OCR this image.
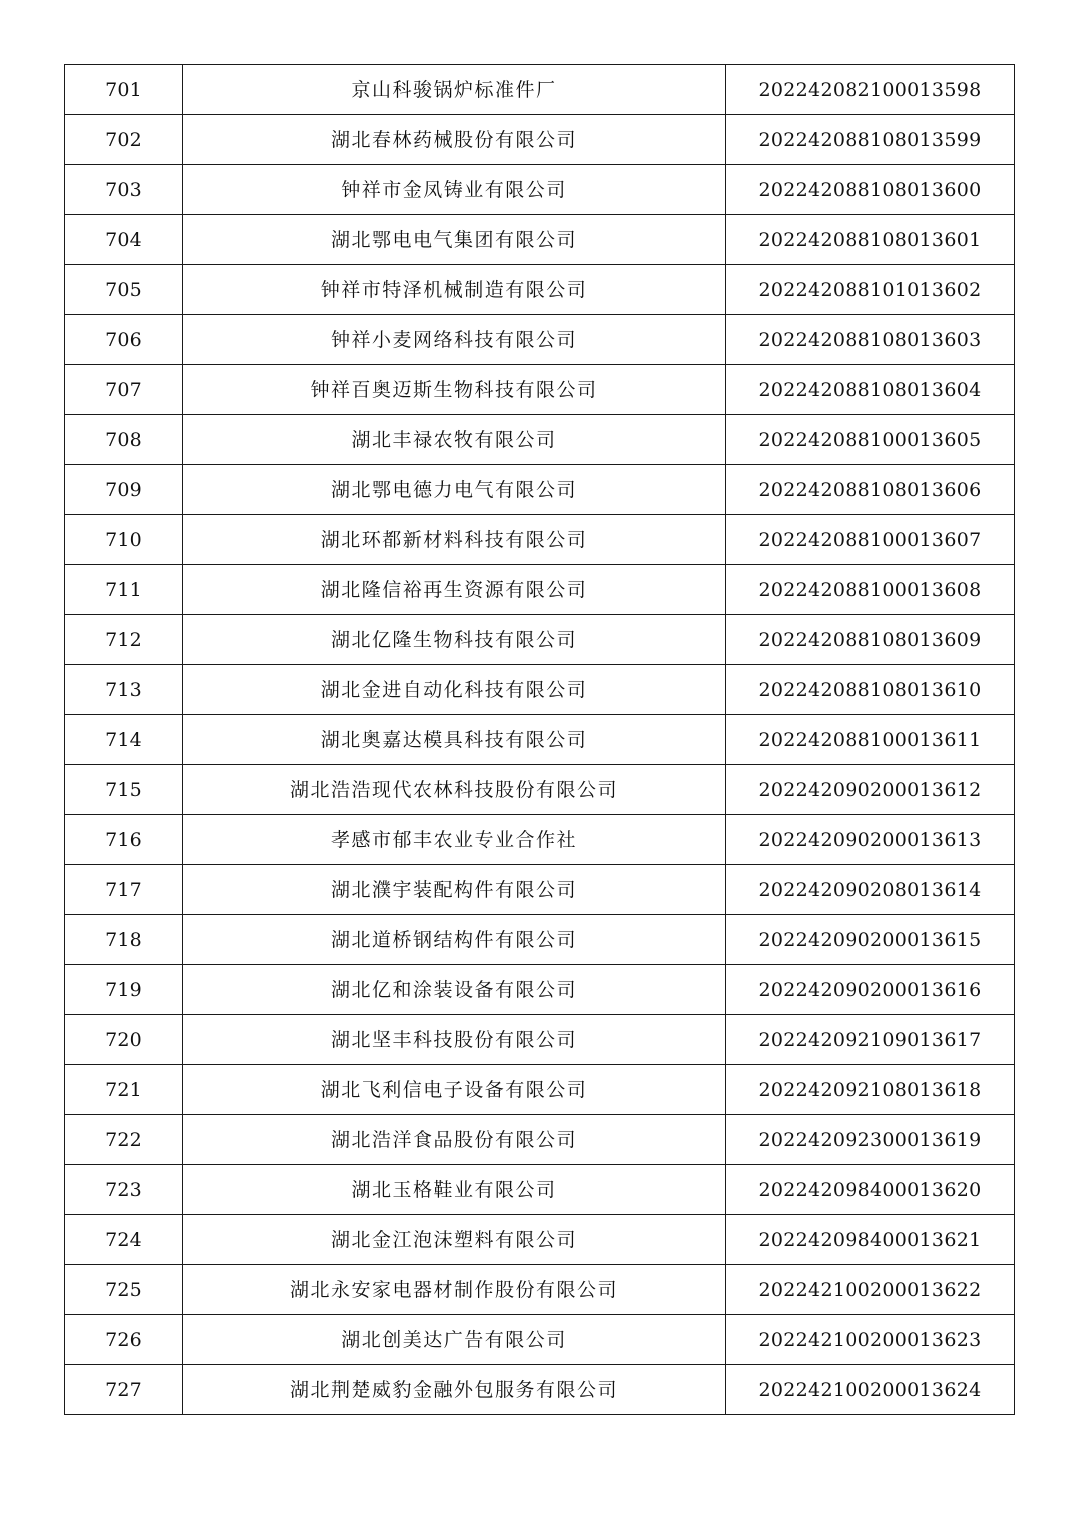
701	京山科骏锅炉标准件厂	202242082100013598
702	湖北春林药械股份有限公司	202242088108013599
703	钟祥市金凤铸业有限公司	202242088108013600
704	湖北鄂电电气集团有限公司	202242088108013601
705	钟祥市特泽机械制造有限公司	202242088101013602
706	钟祥小麦网络科技有限公司	202242088108013603
707	钟祥百奥迈斯生物科技有限公司	202242088108013604
708	湖北丰禄农牧有限公司	202242088100013605
709	湖北鄂电德力电气有限公司	202242088108013606
710	湖北环都新材料科技有限公司	202242088100013607
711	湖北隆信裕再生资源有限公司	202242088100013608
712	湖北亿隆生物科技有限公司	202242088108013609
713	湖北金进自动化科技有限公司	202242088108013610
714	湖北奥嘉达模具科技有限公司	202242088100013611
715	湖北浩浩现代农林科技股份有限公司	202242090200013612
716	孝感市郁丰农业专业合作社	202242090200013613
717	湖北濮宇装配构件有限公司	202242090208013614
718	湖北道桥钢结构件有限公司	202242090200013615
719	湖北亿和涂装设备有限公司	202242090200013616
720	湖北坚丰科技股份有限公司	202242092109013617
721	湖北飞利信电子设备有限公司	202242092108013618
722	湖北浩洋食品股份有限公司	202242092300013619
723	湖北玉格鞋业有限公司	202242098400013620
724	湖北金江泡沫塑料有限公司	202242098400013621
725	湖北永安家电器材制作股份有限公司	202242100200013622
726	湖北创美达广告有限公司	202242100200013623
727	湖北荆楚威豹金融外包服务有限公司	202242100200013624
